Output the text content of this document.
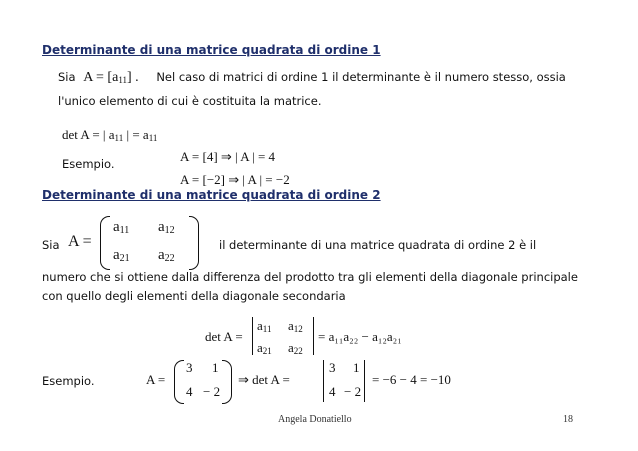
Determinante di una matrice quadrata di ordine 1
Sia $A = [a_{11}]$ . Nel caso di matrici di ordine 1 il determinante è il numero stesso, ossia
l'unico elemento di cui è costituita la matrice.
det A = | $a_{11}$ | = $a_{11}$
A = [4] ⇒ | A | = 4
Esempio.
A = [−2] ⇒ | A | = −2
Determinante di una matrice quadrata di ordine 2
Sia A =
$a_{11}$ $a_{12}$
$a_{21}$ $a_{22}$
il determinante di una matrice quadrata di ordine 2 è il
numero che si ottiene dalla differenza del prodotto tra gli elementi della diagonale principale
con quello degli elementi della diagonale secondaria
det A =
$a_{11}$ $a_{12}$
$a_{21}$ $a_{22}$
= a₁₁a₂₂ − a₁₂a₂₁
Esempio.	A =
3 1
4 − 2
⇒ det A =
3 1
4 − 2
= −6 − 4 = −10
Angela Donatiello	18
